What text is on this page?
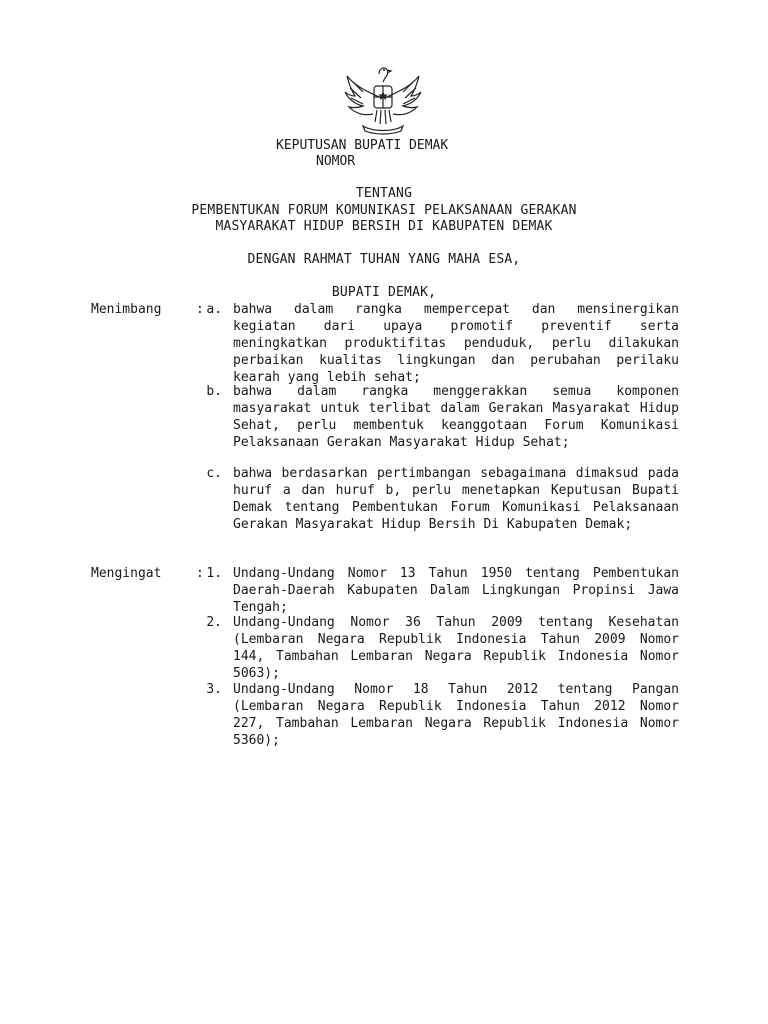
KEPUTUSAN BUPATI DEMAK
NOMOR
TENTANG
PEMBENTUKAN FORUM KOMUNIKASI PELAKSANAAN GERAKAN
MASYARAKAT HIDUP BERSIH DI KABUPATEN DEMAK
DENGAN RAHMAT TUHAN YANG MAHA ESA,
BUPATI DEMAK,
Menimbang	: a. bahwa dalam rangka mempercepat dan mensinergikan kegiatan dari upaya promotif preventif serta meningkatkan produktifitas penduduk, perlu dilakukan perbaikan kualitas lingkungan dan perubahan perilaku kearah yang lebih sehat;
b. bahwa dalam rangka menggerakkan semua komponen masyarakat untuk terlibat dalam Gerakan Masyarakat Hidup Sehat, perlu membentuk keanggotaan Forum Komunikasi Pelaksanaan Gerakan Masyarakat Hidup Sehat;
c. bahwa berdasarkan pertimbangan sebagaimana dimaksud pada huruf a dan huruf b, perlu menetapkan Keputusan Bupati Demak tentang Pembentukan Forum Komunikasi Pelaksanaan Gerakan Masyarakat Hidup Bersih Di Kabupaten Demak;
Mengingat	: 1. Undang-Undang Nomor 13 Tahun 1950 tentang Pembentukan Daerah-Daerah Kabupaten Dalam Lingkungan Propinsi Jawa Tengah;
2. Undang-Undang Nomor 36 Tahun 2009 tentang Kesehatan (Lembaran Negara Republik Indonesia Tahun 2009 Nomor 144, Tambahan Lembaran Negara Republik Indonesia Nomor 5063);
3. Undang-Undang Nomor 18 Tahun 2012 tentang Pangan (Lembaran Negara Republik Indonesia Tahun 2012 Nomor 227, Tambahan Lembaran Negara Republik Indonesia Nomor 5360);
